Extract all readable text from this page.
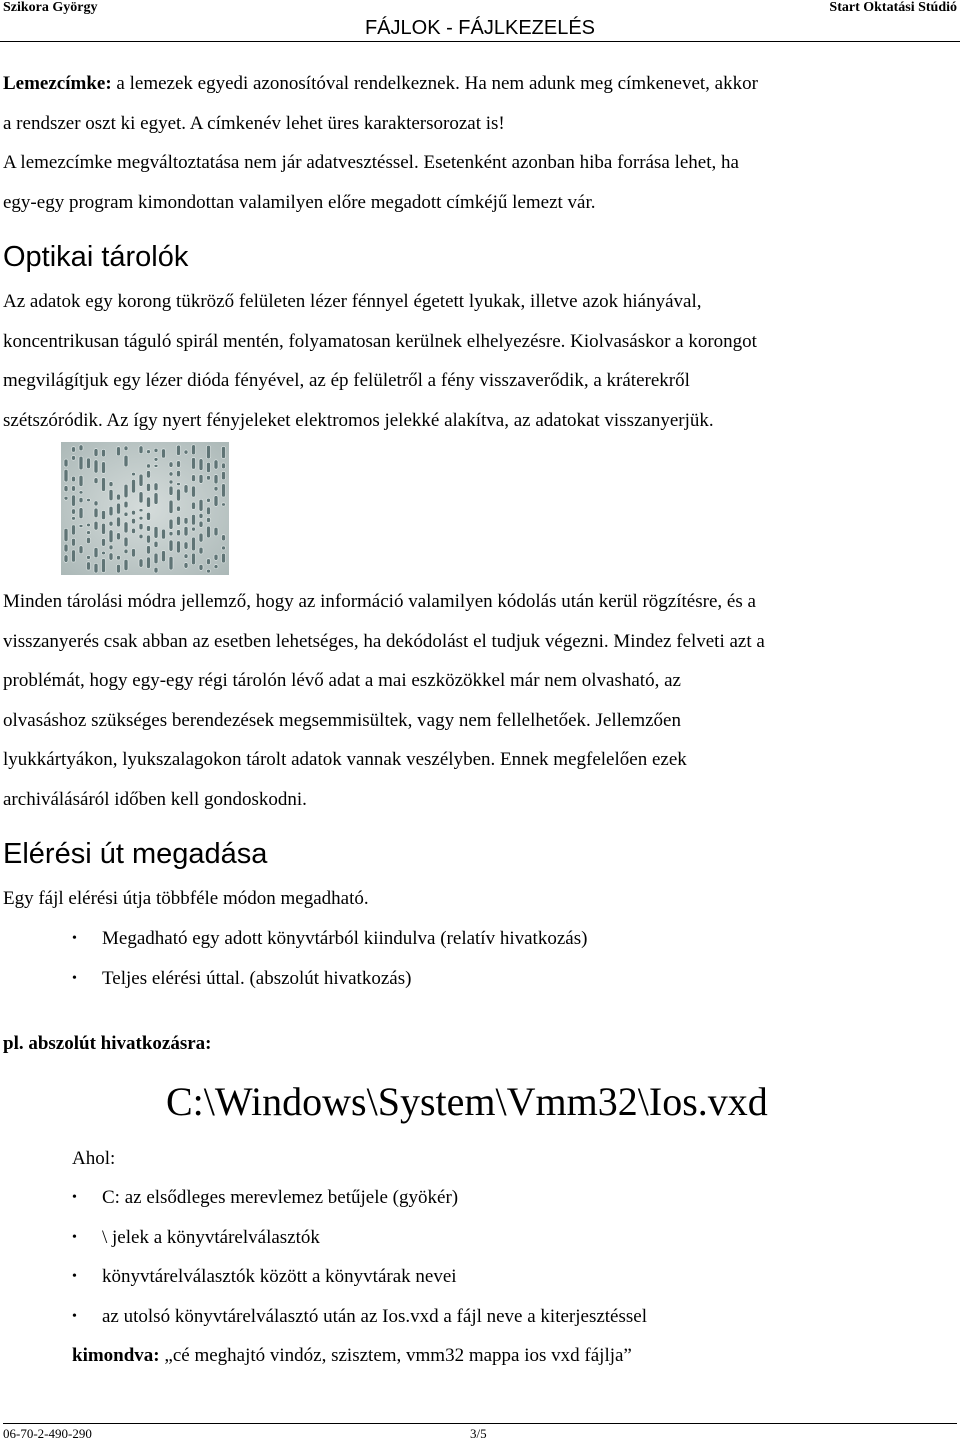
Szikora György	Start Oktatási Stúdió
FÁJLOK - FÁJLKEZELÉS

Lemezcímke: a lemezek egyedi azonosítóval rendelkeznek. Ha nem adunk meg címkenevet, akkor
a rendszer oszt ki egyet. A címkenév lehet üres karaktersorozat is!
A lemezcímke megváltoztatása nem jár adatvesztéssel. Esetenként azonban hiba forrása lehet, ha
egy-egy program kimondottan valamilyen előre megadott címkéjű lemezt vár.

Optikai tárolók

Az adatok egy korong tükröző felületen lézer fénnyel égetett lyukak, illetve azok hiányával,
koncentrikusan táguló spirál mentén, folyamatosan kerülnek elhelyezésre. Kiolvasáskor a korongot
megvilágítjuk egy lézer dióda fényével, az ép felületről a fény visszaverődik, a kráterekről
szétszóródik. Az így nyert fényjeleket elektromos jelekké alakítva, az adatokat visszanyerjük.

Minden tárolási módra jellemző, hogy az információ valamilyen kódolás után kerül rögzítésre, és a
visszanyerés csak abban az esetben lehetséges, ha dekódolást el tudjuk végezni. Mindez felveti azt a
problémát, hogy egy-egy régi tárolón lévő adat a mai eszközökkel már nem olvasható, az
olvasáshoz szükséges berendezések megsemmisültek, vagy nem fellelhetőek. Jellemzően
lyukkártyákon, lyukszalagokon tárolt adatok vannak veszélyben. Ennek megfelelően ezek
archiválásáról időben kell gondoskodni.

Elérési út megadása

Egy fájl elérési útja többféle módon megadható.

• Megadható egy adott könyvtárból kiindulva (relatív hivatkozás)
• Teljes elérési úttal. (abszolút hivatkozás)

pl. abszolút hivatkozásra:

C:\Windows\System\Vmm32\Ios.vxd
Ahol:
• C: az elsődleges merevlemez betűjele (gyökér)
• \ jelek a könyvtárelválasztók
• könyvtárelválasztók között a könyvtárak nevei
• az utolsó könyvtárelválasztó után az Ios.vxd a fájl neve a kiterjesztéssel
kimondva: „cé meghajtó vindóz, szisztem, vmm32 mappa ios vxd fájlja”
06-70-2-490-290	3/5
